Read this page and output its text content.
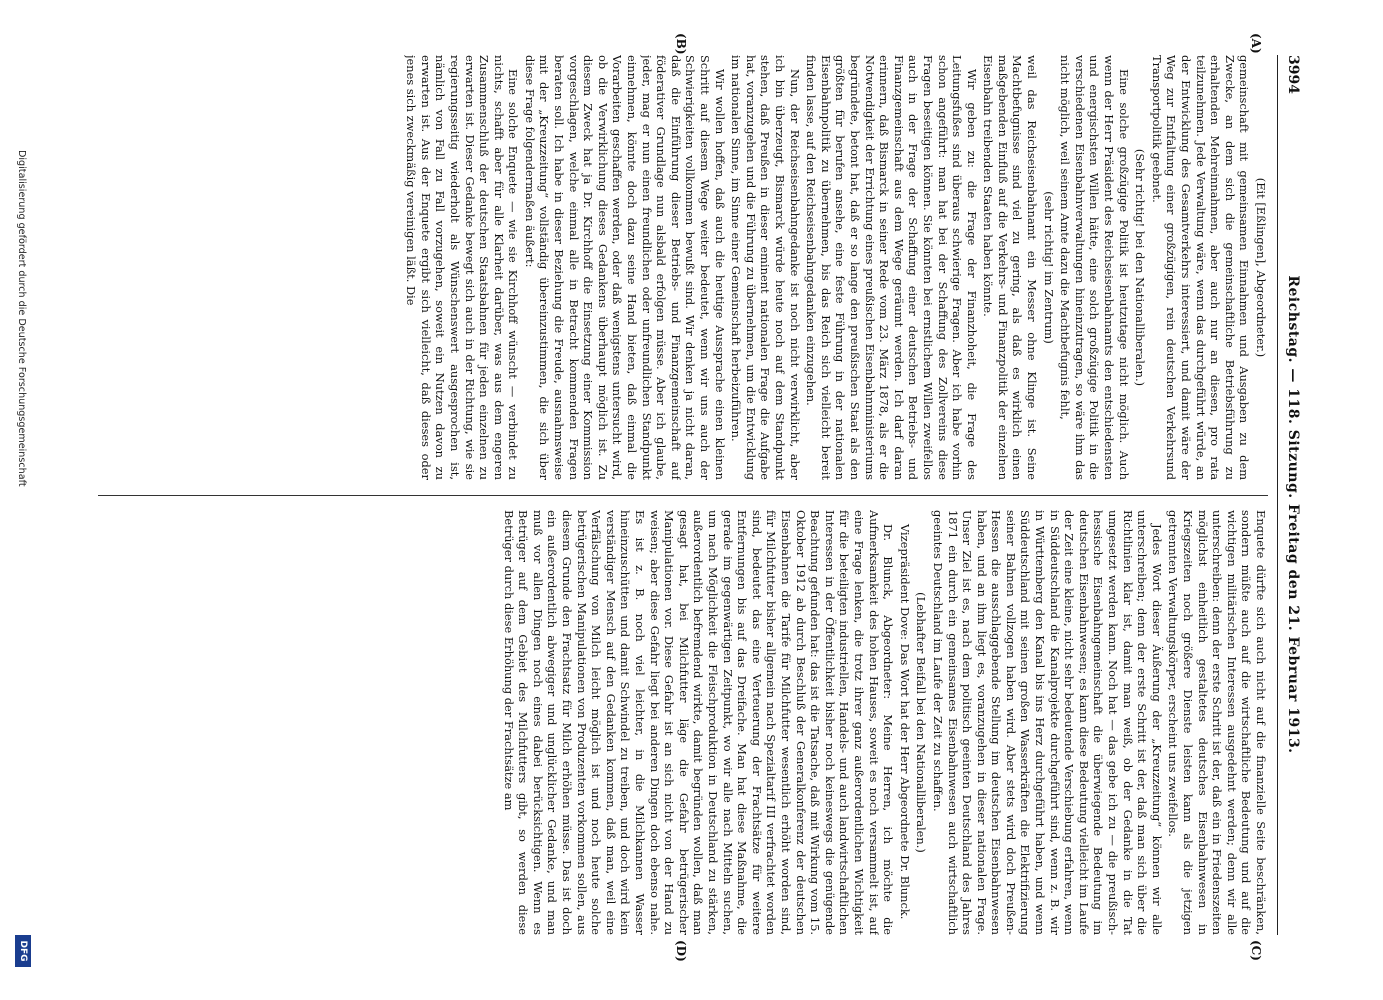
3994
Reichstag. — 118. Sitzung. Freitag den 21. Februar 1913.

(Eit [Eßlingen], Abgeordneter.)

gemeinschaft mit gemeinsamen Einnahmen und Ausgaben zu dem Zwecke, an dem sich die gemeinschaftliche Betriebsführung zu erhaltenden Mehreinnahmen, aber auch nur an diesen, pro rata teilzunehmen. Jede Verwaltung wäre, wenn das durchgeführt würde, an der Entwicklung des Gesamtverkehrs interessiert, und damit wäre der Weg zur Entfaltung einer großzügigen, rein deutschen Verkehrsund Transportpolitik geebnet.

(Sehr richtig! bei den Nationalliberalen.)

Eine solche großzügige Politik ist heutzutage nicht möglich. Auch wenn der Herr Präsident des Reichseisenbahnamts den entschiedensten und energischsten Willen hätte, eine solch großzügige Politik in die verschiedenen Eisenbahnverwaltungen hineinzutragen, so wäre ihm das nicht möglich, weil seinem Amte dazu die Machtbefugnis fehlt,

(sehr richtig! im Zentrum)

weil das Reichseisenbahnamt ein Messer ohne Klinge ist. Seine Machtbefugnisse sind viel zu gering, als daß es wirklich einen maßgebenden Einfluß auf die Verkehrs- und Finanzpolitik der einzelnen Eisenbahn treibenden Staaten haben könnte.

Wir geben zu: die Frage der Finanzhoheit, die Frage des Leitungsfußes sind überaus schwierige Fragen. Aber ich habe vorhin schon angeführt: man hat bei der Schaffung des Zollvereins diese Fragen beseitigen können. Sie könnten bei ernstlichem Willen zweifellos auch in der Frage der Schaffung einer deutschen Betriebs- und Finanzgemeinschaft aus dem Wege geräumt werden. Ich darf daran erinnern, daß Bismarck in seiner Rede vom 23. März 1878, als er die Notwendigkeit der Errichtung eines preußischen Eisenbahnministeriums begründete, betont hat, daß er so lange den preußischen Staat als den größten für berufen ansehe, eine feste Führung in der nationalen Eisenbahnpolitik zu übernehmen, bis das Reich sich vielleicht bereit finden lasse, auf den Reichseisenbahngedanken einzugehen.

Nun, der Reichseisenbahngedanke ist noch nicht verwirklicht, aber ich bin überzeugt, Bismarck würde heute noch auf dem Standpunkt stehen, daß Preußen in dieser eminent nationalen Frage die Aufgabe hat, voranzugehen und die Führung zu übernehmen, um die Entwicklung im nationalen Sinne, im Sinne einer Gemeinschaft herbeizuführen.

Wir wollen hoffen, daß auch die heutige Aussprache einen kleinen Schritt auf diesem Wege weiter bedeutet, wenn wir uns auch der Schwierigkeiten vollkommen bewußt sind. Wir denken ja nicht daran, daß die Einführung dieser Betriebs- und Finanzgemeinschaft auf föderativer Grundlage nun alsbald erfolgen müsse. Aber ich glaube, jeder, mag er nun einen freundlichen oder unfreundlichen Standpunkt einnehmen, könnte doch dazu seine Hand bieten, daß einmal die Vorarbeiten geschaffen werden, oder daß wenigstens untersucht wird, ob die Verwirklichung dieses Gedankens überhaupt möglich ist. Zu diesem Zweck hat ja Dr. Kirchhoff die Einsetzung einer Kommission vorgeschlagen, welche einmal alle in Betracht kommenden Fragen beraten soll. Ich habe in dieser Beziehung die Freude, ausnahmsweise mit der „Kreuzzeitung“ vollständig übereinzustimmen, die sich über diese Frage folgendermaßen äußert:

Eine solche Enquete — wie sie Kirchhoff wünscht — verbindet zu nichts, schafft aber für alle Klarheit darüber, was aus dem engeren Zusammenschluß der deutschen Staatsbahnen für jeden einzelnen zu erwarten ist. Dieser Gedanke bewegt sich auch in der Richtung, wie sie regierungsseitig wiederholt als Wünschenswert ausgesprochen ist, nämlich von Fall zu Fall vorzugehen, soweit ein Nutzen davon zu erwarten ist. Aus der Enquete ergibt sich vielleicht, daß dieses oder jenes sich zweckmäßig vereinigen läßt. Die

Enquete dürfte sich auch nicht auf die finanzielle Seite beschränken, sondern müßte auch auf die wirtschaftliche Bedeutung und auf die wichtigen militärischen Interessen ausgedehnt werden; denn wir alle unterschreiben: denn der erste Schritt ist der, daß ein in Friedenszeiten möglichst einheitlich gestaltetes deutsches Eisenbahnwesen in Kriegszeiten noch größere Dienste leisten kann als die jetzigen getrennten Verwaltungskörper, erscheint uns zweifellos.

Jedes Wort dieser Äußerung der „Kreuzzeitung“ können wir alle unterschreiben; denn der erste Schritt ist der, daß man sich über die Richtlinien klar ist, damit man weiß, ob der Gedanke in die Tat umgesetzt werden kann. Noch hat — das gebe ich zu — die preußisch-hessische Eisenbahngemeinschaft die überwiegende Bedeutung im deutschen Eisenbahnwesen; es kann diese Bedeutung vielleicht im Laufe der Zeit eine kleine, nicht sehr bedeutende Verschiebung erfahren, wenn in Süddeutschland die Kanalprojekte durchgeführt sind, wenn z. B. wir in Württemberg den Kanal bis ins Herz durchgeführt haben, und wenn Süddeutschland mit seinen großen Wasserkräften die Elektrifizierung seiner Bahnen vollzogen haben wird. Aber stets wird doch Preußen-Hessen die ausschlaggebende Stellung im deutschen Eisenbahnwesen haben, und an ihm liegt es, voranzugehen in dieser nationalen Frage. Unser Ziel ist es, nach dem politisch geeinten Deutschland des Jahres 1871 ein durch ein gemeinsames Eisenbahnwesen auch wirtschaftlich geeintes Deutschland im Laufe der Zeit zu schaffen.

(Lebhafter Beifall bei den Nationalliberalen.)

Vizepräsident Dove: Das Wort hat der Herr Abgeordnete Dr. Blunck.

Dr. Blunck, Abgeordneter: Meine Herren, ich möchte die Aufmerksamkeit des hohen Hauses, soweit es noch versammelt ist, auf eine Frage lenken, die trotz ihrer ganz außerordentlichen Wichtigkeit für die beteiligten industriellen, Handels- und auch landwirtschaftlichen Interessen in der Öffentlichkeit bisher noch keineswegs die genügende Beachtung gefunden hat: das ist die Tatsache, daß mit Wirkung vom 15. Oktober 1912 ab durch Beschluß der Generalkonferenz der deutschen Eisenbahnen die Tarife für Milchfutter wesentlich erhöht worden sind, für Milchfutter bisher allgemein nach Spezialtarif III verfrachtet worden sind, bedeutet das eine Verteuerung der Frachtsätze für weitere Entfernungen bis auf das Dreifache. Man hat diese Maßnahme, die gerade im gegenwärtigen Zeitpunkt, wo wir alle nach Mitteln suchen, um nach Möglichkeit die Fleischproduktion in Deutschland zu stärken, außerordentlich befremdend wirkte, damit begründen wollen, daß man gesagt hat, bei Milchfutter läge die Gefahr betrügerischer Manipulationen vor. Diese Gefahr ist an sich nicht von der Hand zu weisen; aber diese Gefahr liegt bei anderen Dingen doch ebenso nahe. Es ist z. B. noch viel leichter, in die Milchkannen Wasser hineinzuschütten und damit Schwindel zu treiben, und doch wird kein verständiger Mensch auf den Gedanken kommen, daß man, weil eine Verfälschung von Milch leicht möglich ist und noch heute solche betrügerischen Manipulationen von Produzenten vorkommen sollen, aus diesem Grunde den Frachtsatz für Milch erhöhen müsse. Das ist doch ein außerordentlich abwegiger und unglücklicher Gedanke, und man muß vor allen Dingen noch eines dabei berücksichtigen. Wenn es Betrüger auf dem Gebiet des Milchfutters gibt, so werden diese Betrüger durch diese Erhöhung der Frachtsätze am

(A)
(B)
(C)
(D)
Digitalisierung gefördert durch die Deutsche Forschungsgemeinschaft
DFG
